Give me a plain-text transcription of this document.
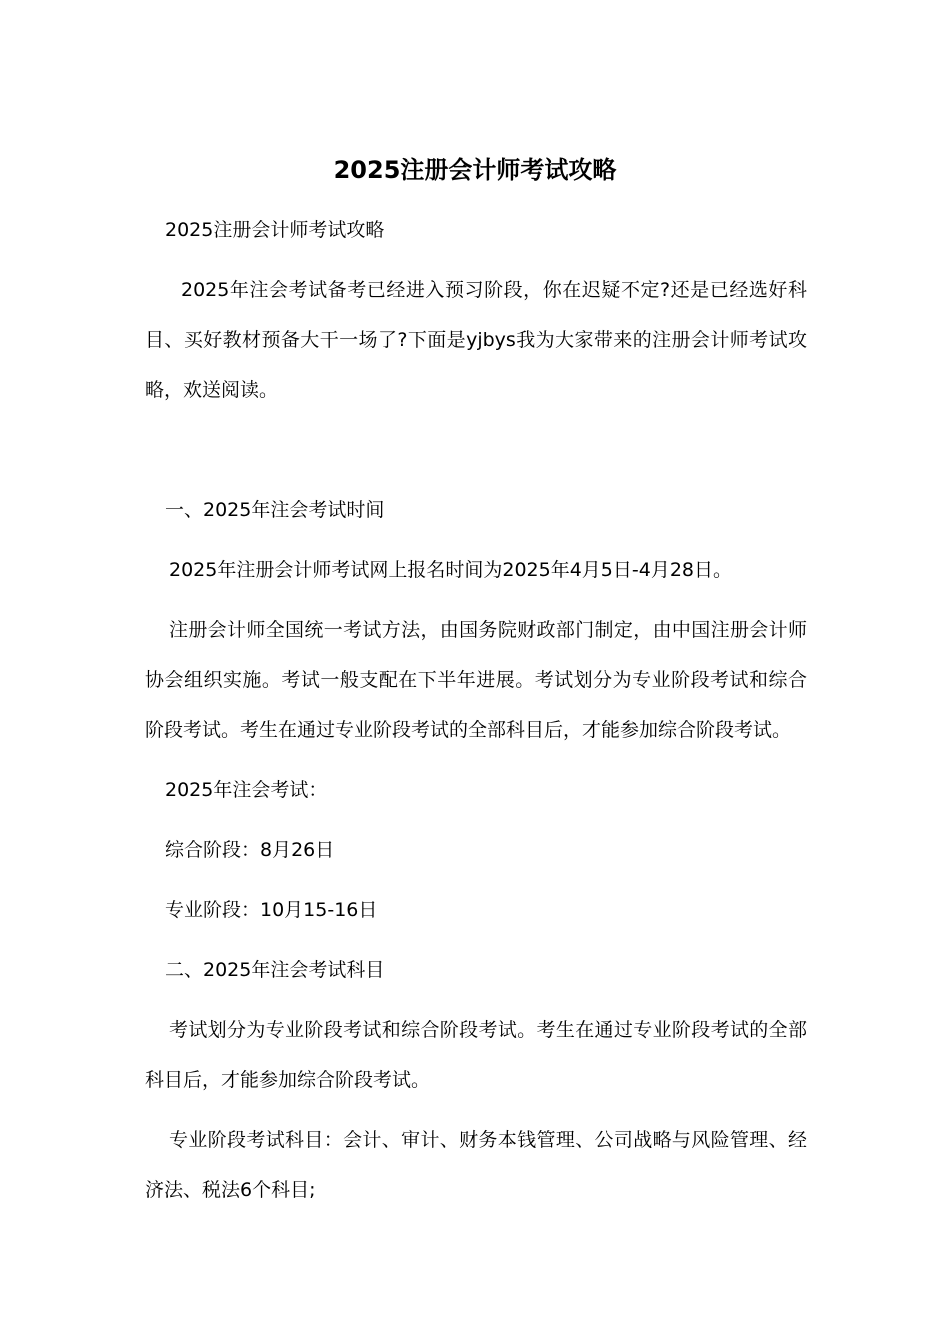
2025注册会计师考试攻略

2025注册会计师考试攻略

2025年注会考试备考已经进入预习阶段，你在迟疑不定?还是已经选好科目、买好教材预备大干一场了?下面是yjbys我为大家带来的注册会计师考试攻略，欢送阅读。

一、2025年注会考试时间

2025年注册会计师考试网上报名时间为2025年4月5日-4月28日。

注册会计师全国统一考试方法，由国务院财政部门制定，由中国注册会计师协会组织实施。考试一般支配在下半年进展。考试划分为专业阶段考试和综合阶段考试。考生在通过专业阶段考试的全部科目后，才能参加综合阶段考试。

2025年注会考试：

综合阶段：8月26日

专业阶段：10月15-16日

二、2025年注会考试科目

考试划分为专业阶段考试和综合阶段考试。考生在通过专业阶段考试的全部科目后，才能参加综合阶段考试。

专业阶段考试科目：会计、审计、财务本钱管理、公司战略与风险管理、经济法、税法6个科目;
